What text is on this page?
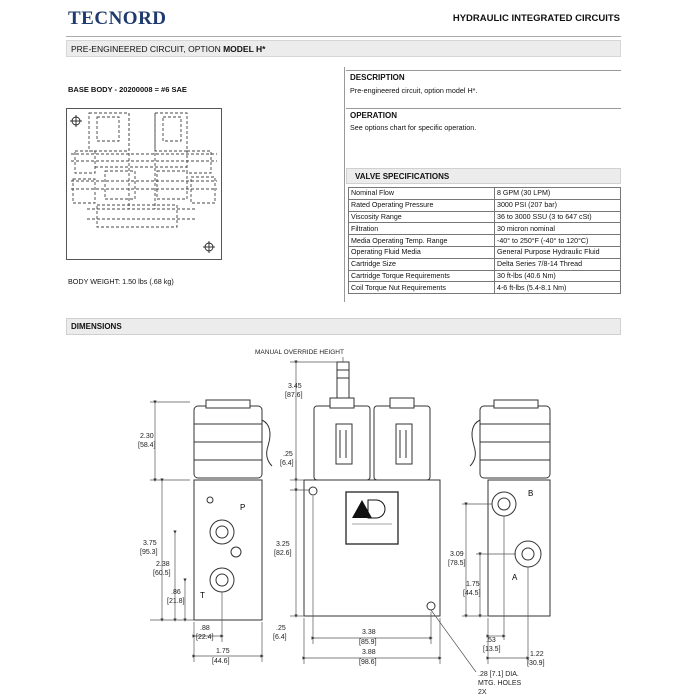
TECNORD	HYDRAULIC INTEGRATED CIRCUITS
PRE-ENGINEERED CIRCUIT, OPTION MODEL H*
BASE BODY - 20200008 = #6 SAE
BODY WEIGHT: 1.50 lbs (.68 kg)
DESCRIPTION
Pre-engineered circuit, option model H*.
OPERATION
See options chart for specific operation.
VALVE SPECIFICATIONS
Nominal Flow	8 GPM (30 LPM)
Rated Operating Pressure	3000 PSI (207 bar)
Viscosity Range	36 to 3000 SSU (3 to 647 cSt)
Filtration	30 micron nominal
Media Operating Temp. Range	-40° to 250°F (-40° to 120°C)
Operating Fluid Media	General Purpose Hydraulic Fluid
Cartridge Size	Delta Series 7/8-14 Thread
Cartridge Torque Requirements	30 ft-lbs (40.6 Nm)
Coil Torque Nut Requirements	4-6 ft-lbs (5.4-8.1 Nm)
DIMENSIONS
P
T
2.30
[58.4]
3.75
[95.3]
2.38
[60.5]
.86
[21.8]
.88
[22.4]
1.75
[44.6]
MANUAL OVERRIDE HEIGHT
3.45
[87.6]
.25
[6.4]
3.25
[82.6]
.25
[6.4]
3.38
[85.9]
3.88
[98.6]
.28 [7.1] DIA.
MTG. HOLES
2X
B
A
3.09
[78.5]
1.75
[44.5]
.53
[13.5]
1.22
[30.9]
